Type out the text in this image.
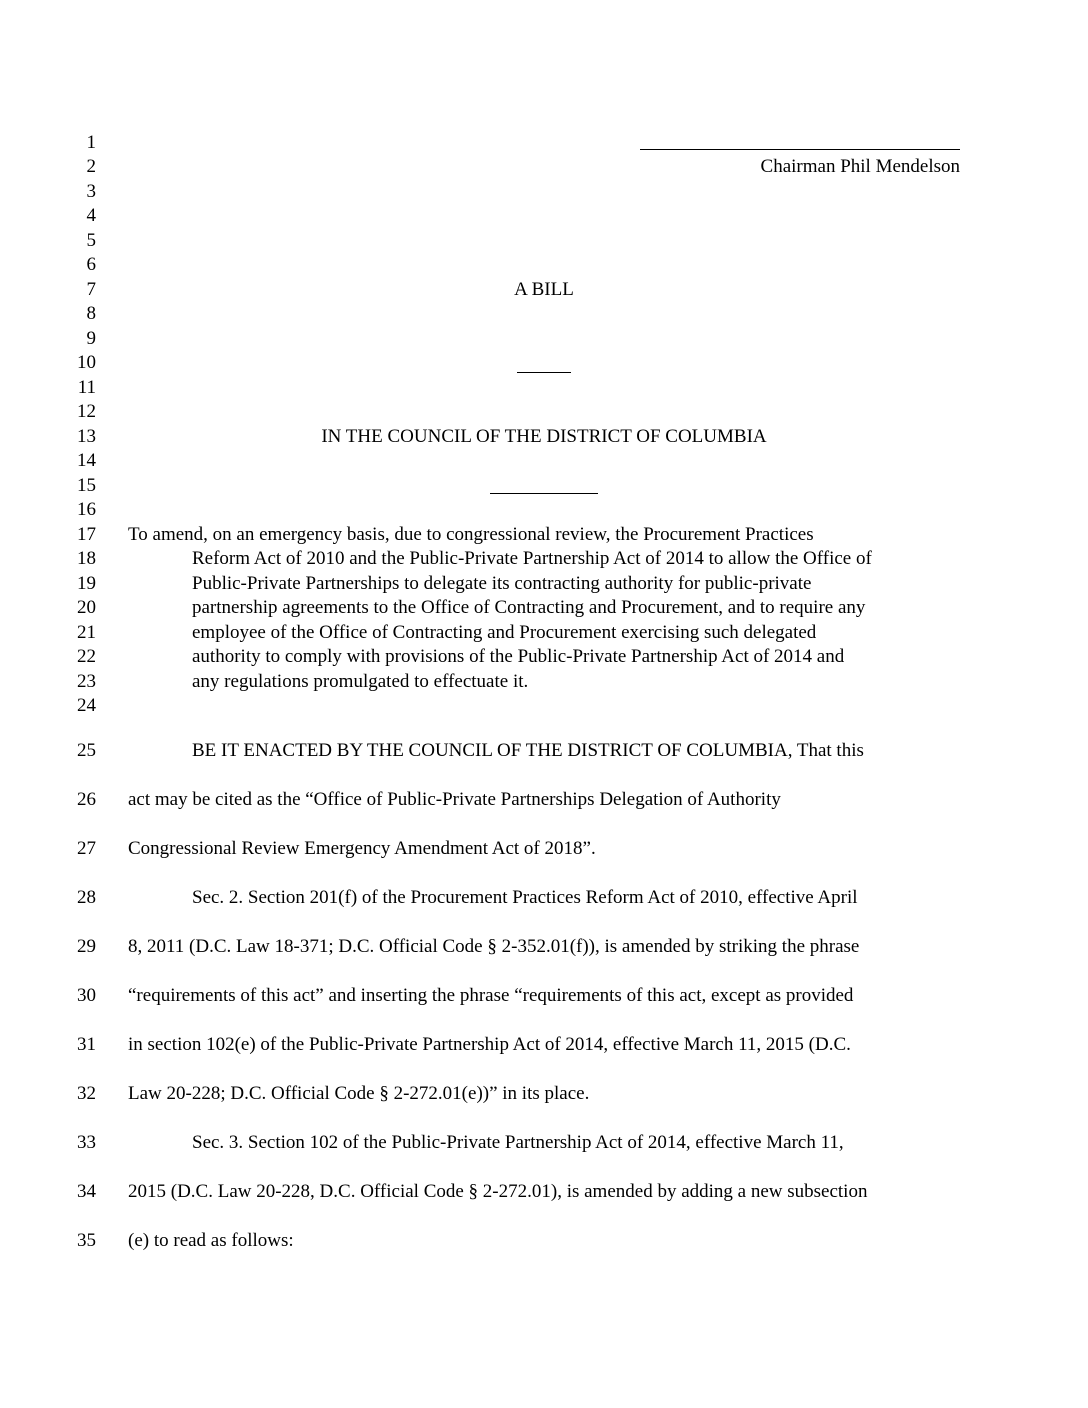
1
2
3
4
5
6
7
8
9
10
11
12
13
14
15
16
17
18
19
20
21
22
23
24
25
26
27
28
29
30
31
32
33
34
35
Chairman Phil Mendelson
A BILL
IN THE COUNCIL OF THE DISTRICT OF COLUMBIA
To amend, on an emergency basis, due to congressional review, the Procurement Practices
Reform Act of 2010 and the Public-Private Partnership Act of 2014 to allow the Office of
Public-Private Partnerships to delegate its contracting authority for public-private
partnership agreements to the Office of Contracting and Procurement, and to require any
employee of the Office of Contracting and Procurement exercising such delegated
authority to comply with provisions of the Public-Private Partnership Act of 2014 and
any regulations promulgated to effectuate it.
BE IT ENACTED BY THE COUNCIL OF THE DISTRICT OF COLUMBIA, That this
act may be cited as the “Office of Public-Private Partnerships Delegation of Authority
Congressional Review Emergency Amendment Act of 2018”.
Sec. 2. Section 201(f) of the Procurement Practices Reform Act of 2010, effective April
8, 2011 (D.C. Law 18-371; D.C. Official Code § 2-352.01(f)), is amended by striking the phrase
“requirements of this act” and inserting the phrase “requirements of this act, except as provided
in section 102(e) of the Public-Private Partnership Act of 2014, effective March 11, 2015 (D.C.
Law 20-228; D.C. Official Code § 2-272.01(e))” in its place.
Sec. 3. Section 102 of the Public-Private Partnership Act of 2014, effective March 11,
2015 (D.C. Law 20-228, D.C. Official Code § 2-272.01), is amended by adding a new subsection
(e) to read as follows:
